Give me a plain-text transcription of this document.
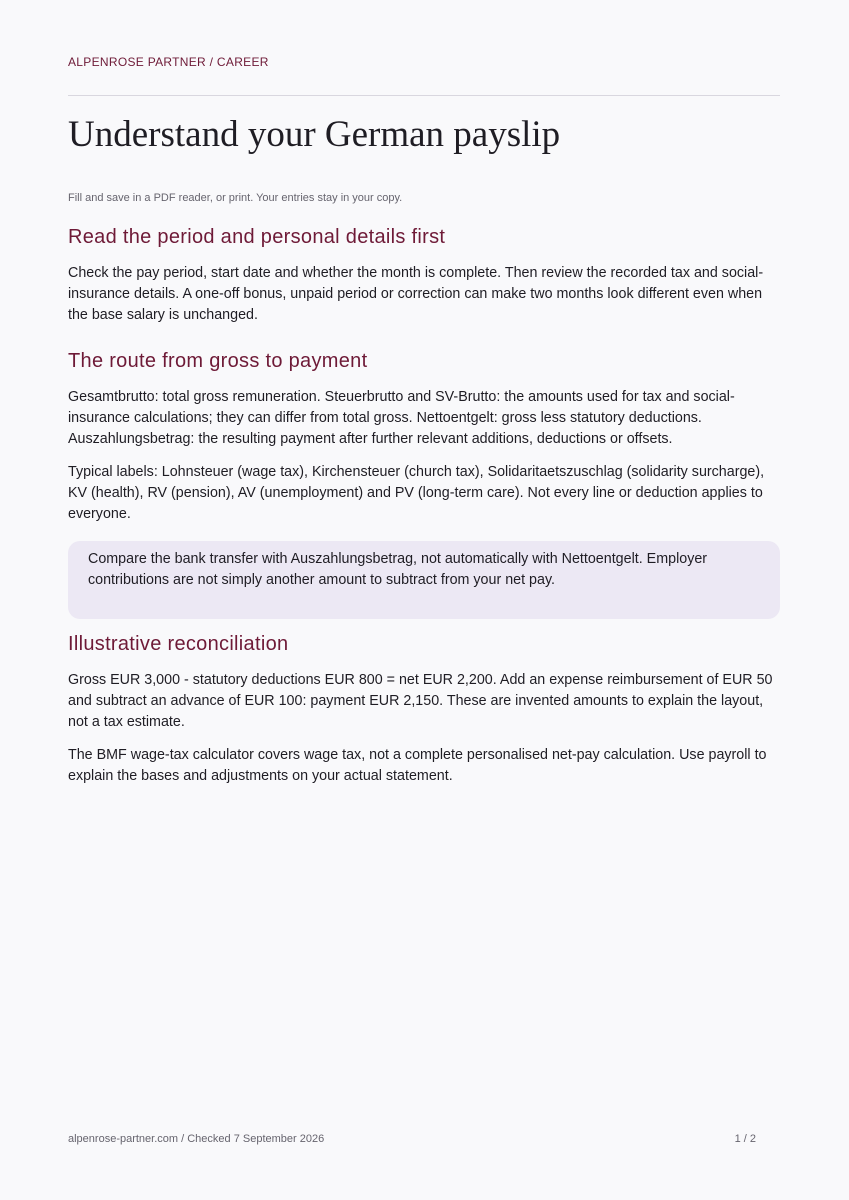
ALPENROSE PARTNER / CAREER
Understand your German payslip
Fill and save in a PDF reader, or print. Your entries stay in your copy.
Read the period and personal details first

Check the pay period, start date and whether the month is complete. Then review the recorded tax and social-insurance details. A one-off bonus, unpaid period or correction can make two months look different even when the base salary is unchanged.

The route from gross to payment

Gesamtbrutto: total gross remuneration. Steuerbrutto and SV-Brutto: the amounts used for tax and social-insurance calculations; they can differ from total gross. Nettoentgelt: gross less statutory deductions. Auszahlungsbetrag: the resulting payment after further relevant additions, deductions or offsets.

Typical labels: Lohnsteuer (wage tax), Kirchensteuer (church tax), Solidaritaetszuschlag (solidarity surcharge), KV (health), RV (pension), AV (unemployment) and PV (long-term care). Not every line or deduction applies to everyone.

Compare the bank transfer with Auszahlungsbetrag, not automatically with Nettoentgelt. Employer contributions are not simply another amount to subtract from your net pay.

Illustrative reconciliation

Gross EUR 3,000 - statutory deductions EUR 800 = net EUR 2,200. Add an expense reimbursement of EUR 50 and subtract an advance of EUR 100: payment EUR 2,150. These are invented amounts to explain the layout, not a tax estimate.

The BMF wage-tax calculator covers wage tax, not a complete personalised net-pay calculation. Use payroll to explain the bases and adjustments on your actual statement.

alpenrose-partner.com / Checked 7 September 2026	1 / 2
